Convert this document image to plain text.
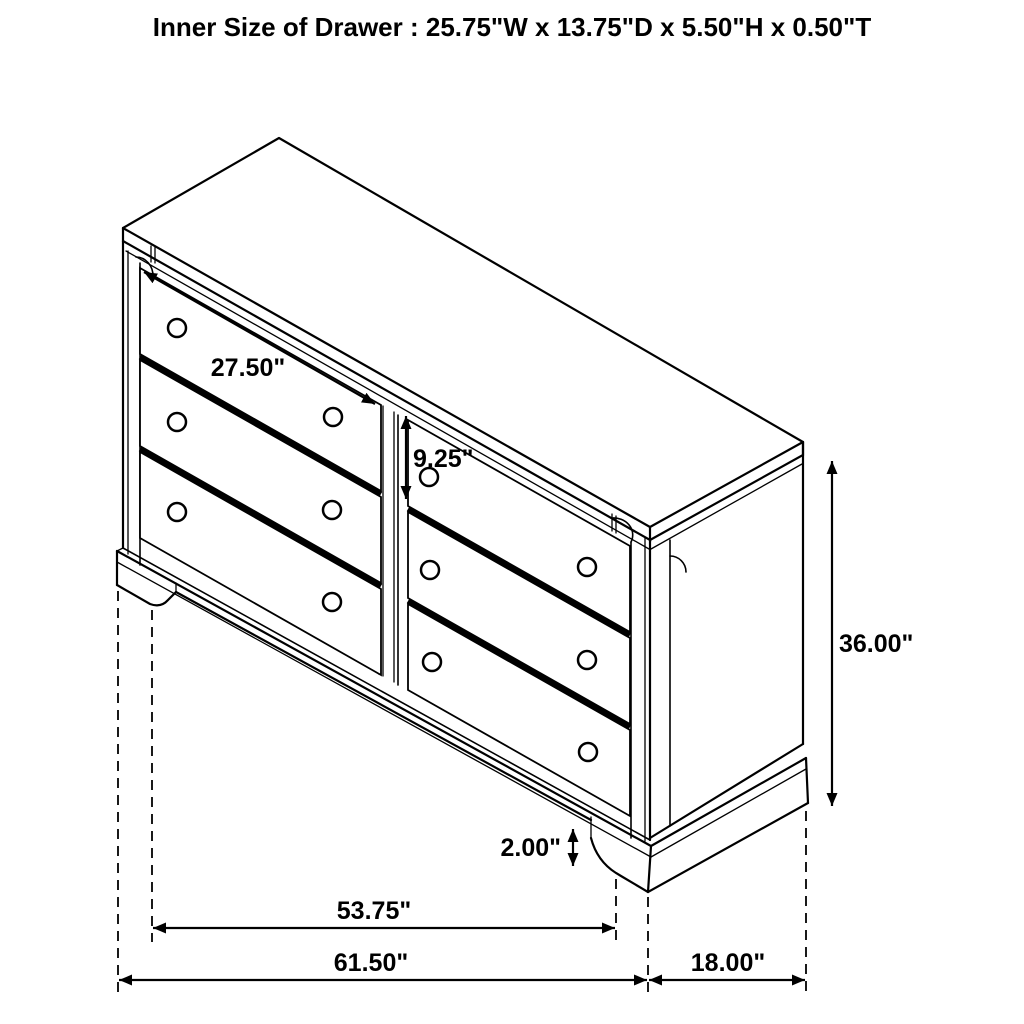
Inner Size of Drawer : 25.75"W x 13.75"D x 5.50"H x 0.50"T
27.50"
9.25"
36.00"
2.00"
53.75"
61.50"	18.00"
